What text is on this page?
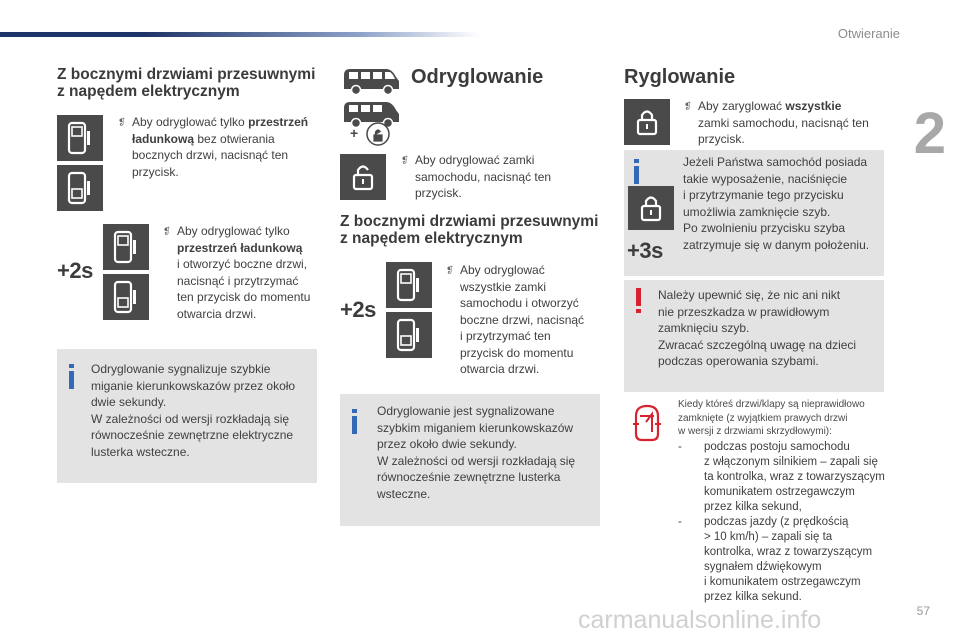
Otwieranie
2
Z bocznymi drzwiami przesuwnymi
z napędem elektrycznym
❡ Aby odryglować tylko przestrzeń
ładunkową bez otwierania
bocznych drzwi, nacisnąć ten
przycisk.
+2s
❡ Aby odryglować tylko
przestrzeń ładunkową
i otworzyć boczne drzwi,
nacisnąć i przytrzymać
ten przycisk do momentu
otwarcia drzwi.
Odryglowanie sygnalizuje szybkie
miganie kierunkowskazów przez około
dwie sekundy.
W zależności od wersji rozkładają się
równocześnie zewnętrzne elektryczne
lusterka wsteczne.
Odryglowanie
+
❡ Aby odryglować zamki
samochodu, nacisnąć ten
przycisk.
Z bocznymi drzwiami przesuwnymi
z napędem elektrycznym
+2s
❡ Aby odryglować
wszystkie zamki
samochodu i otworzyć
boczne drzwi, nacisnąć
i przytrzymać ten
przycisk do momentu
otwarcia drzwi.
Odryglowanie jest sygnalizowane
szybkim miganiem kierunkowskazów
przez około dwie sekundy.
W zależności od wersji rozkładają się
równocześnie zewnętrzne lusterka
wsteczne.
Ryglowanie
❡ Aby zaryglować wszystkie
zamki samochodu, nacisnąć ten
przycisk.
+3s
Jeżeli Państwa samochód posiada
takie wyposażenie, naciśnięcie
i przytrzymanie tego przycisku
umożliwia zamknięcie szyb.
Po zwolnieniu przycisku szyba
zatrzymuje się w danym położeniu.
Należy upewnić się, że nic ani nikt
nie przeszkadza w prawidłowym
zamknięciu szyb.
Zwracać szczególną uwagę na dzieci
podczas operowania szybami.
Kiedy któreś drzwi/klapy są nieprawidłowo
zamknięte (z wyjątkiem prawych drzwi
w wersji z drzwiami skrzydłowymi):
- podczas postoju samochodu
z włączonym silnikiem – zapali się
ta kontrolka, wraz z towarzyszącym
komunikatem ostrzegawczym
przez kilka sekund,
- podczas jazdy (z prędkością
> 10 km/h) – zapali się ta
kontrolka, wraz z towarzyszącym
sygnałem dźwiękowym
i komunikatem ostrzegawczym
przez kilka sekund.
carmanualsonline.info	57
